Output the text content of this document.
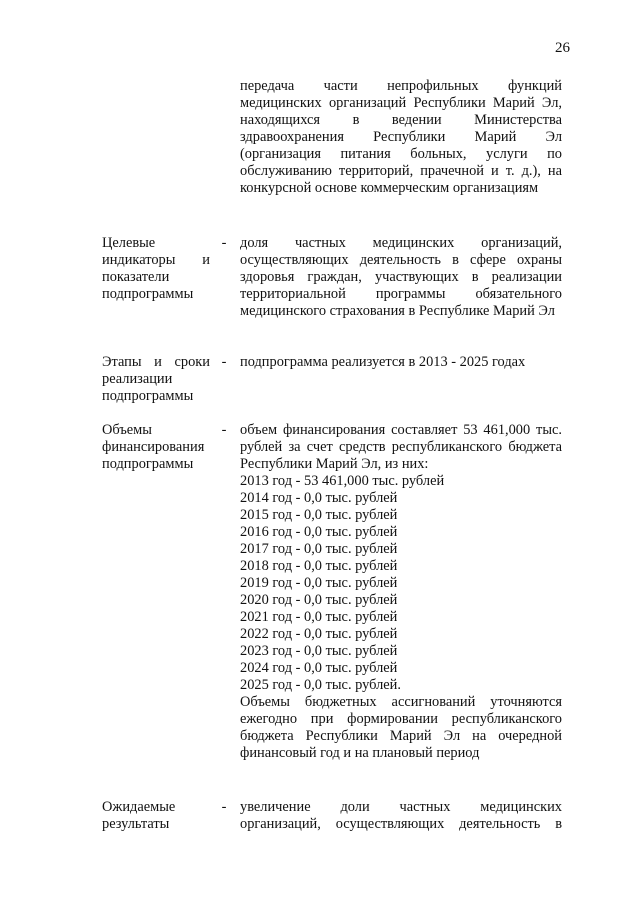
26

передача части непрофильных функций медицинских организаций Республики Марий Эл, находящихся в ведении Министерства здравоохранения Республики Марий Эл (организация питания больных, услуги по обслуживанию территорий, прачечной и т. д.), на конкурсной основе коммерческим организациям

Целевые индикаторы и показатели подпрограммы
- доля частных медицинских организаций, осуществляющих деятельность в сфере охраны здоровья граждан, участвующих в реализации территориальной программы обязательного медицинского страхования в Республике Марий Эл

Этапы и сроки реализации подпрограммы
- подпрограмма реализуется в 2013 - 2025 годах

Объемы финансирования подпрограммы
- объем финансирования составляет 53 461,000 тыс. рублей за счет средств республиканского бюджета Республики Марий Эл, из них:

2013 год - 53 461,000 тыс. рублей
2014 год - 0,0 тыс. рублей
2015 год - 0,0 тыс. рублей
2016 год - 0,0 тыс. рублей
2017 год - 0,0 тыс. рублей
2018 год - 0,0 тыс. рублей
2019 год - 0,0 тыс. рублей
2020 год - 0,0 тыс. рублей
2021 год - 0,0 тыс. рублей
2022 год - 0,0 тыс. рублей
2023 год - 0,0 тыс. рублей
2024 год - 0,0 тыс. рублей
2025 год - 0,0 тыс. рублей.

Объемы бюджетных ассигнований уточняются ежегодно при формировании республиканского бюджета Республики Марий Эл на очередной финансовый год и на плановый период

Ожидаемые результаты
- увеличение доли частных медицинских организаций, осуществляющих деятельность в
